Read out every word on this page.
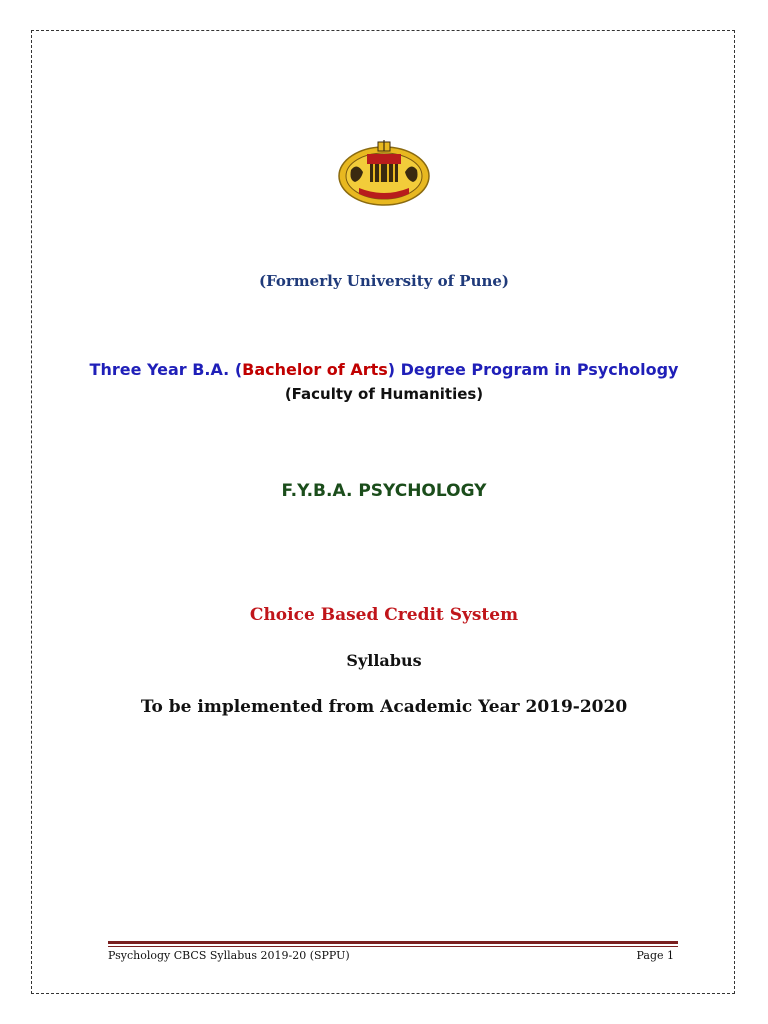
(Formerly University of Pune)
Three Year B.A. (Bachelor of Arts) Degree Program in Psychology
(Faculty of Humanities)
F.Y.B.A. PSYCHOLOGY
Choice Based Credit System
Syllabus
To be implemented from Academic Year 2019-2020
Psychology CBCS Syllabus 2019-20 (SPPU)	Page 1
